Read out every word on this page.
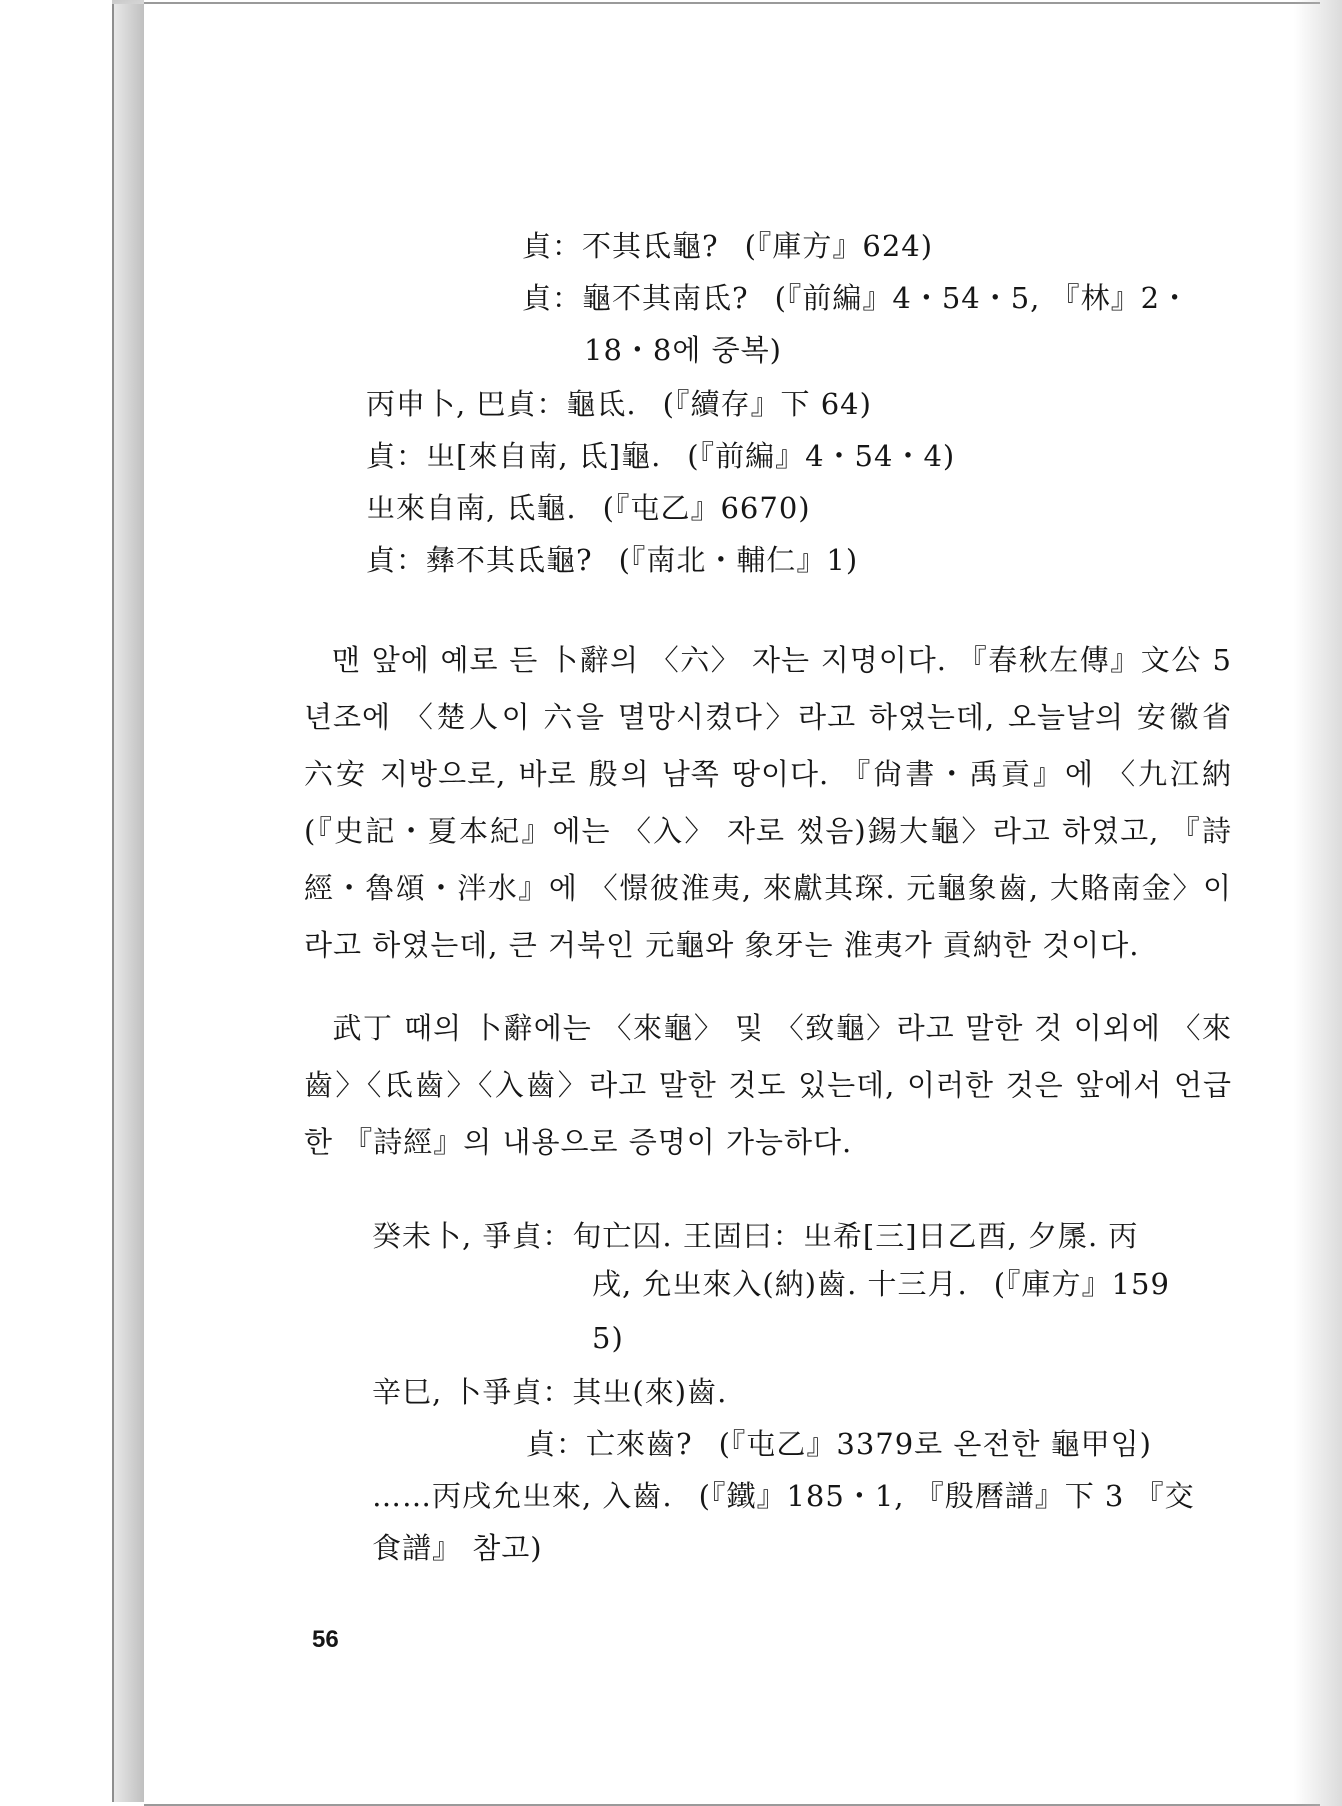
貞：不其氐龜? (『庫方』624)
貞：龜不其南氐? (『前編』4・54・5, 『林』2・
18・8에 중복)
丙申卜, 巴貞：龜氐. (『續存』下 64)
貞：㞢[來自南, 氐]龜. (『前編』4・54・4)
㞢來自南, 氐龜. (『屯乙』6670)
貞：彝不其氐龜? (『南北・輔仁』1)
맨 앞에 예로 든 卜辭의 〈六〉 자는 지명이다. 『春秋左傳』文公 5년조에 〈楚人이 六을 멸망시켰다〉라고 하였는데, 오늘날의 安徽省 六安 지방으로, 바로 殷의 남쪽 땅이다. 『尙書・禹貢』에 〈九江納(『史記・夏本紀』에는 〈入〉 자로 썼음)錫大龜〉라고 하였고, 『詩經・魯頌・泮水』에 〈憬彼淮夷, 來獻其琛. 元龜象齒, 大賂南金〉이라고 하였는데, 큰 거북인 元龜와 象牙는 淮夷가 貢納한 것이다.
武丁 때의 卜辭에는 〈來龜〉 및 〈致龜〉라고 말한 것 이외에 〈來齒〉〈氐齒〉〈入齒〉라고 말한 것도 있는데, 이러한 것은 앞에서 언급한 『詩經』의 내용으로 증명이 가능하다.
癸未卜, 爭貞：旬亡囚. 王固曰：㞢希[三]日乙酉, 夕㞙. 丙
戌, 允㞢來入(納)齒. 十三月. (『庫方』159
5)
辛巳, 卜爭貞：其㞢(來)齒.
貞：亡來齒? (『屯乙』3379로 온전한 龜甲임)
……丙戌允㞢來, 入齒. (『鐵』185・1, 『殷曆譜』下 3 『交
食譜』 참고)
56
